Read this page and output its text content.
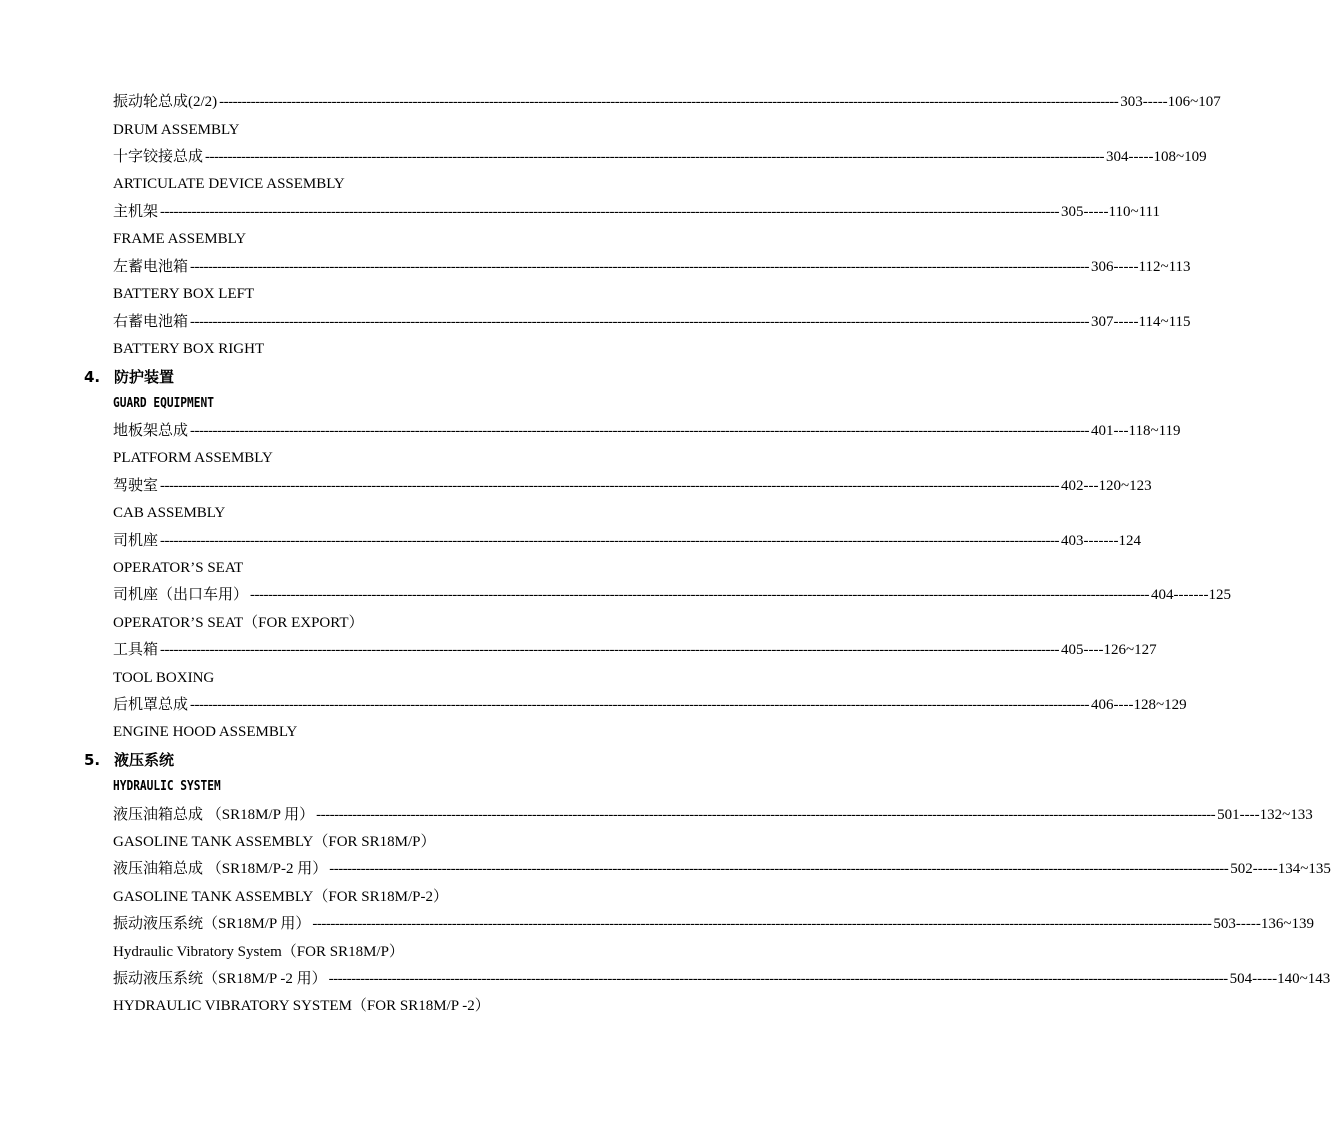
振动轮总成(2/2) -------------------------------------------------------------------------------------------------------------------------------------------------------------------------------------------------------- 303-----106~107
DRUM ASSEMBLY
十字铰接总成 -------------------------------------------------------------------------------------------------------------------------------------------------------------------------------------------------------- 304-----108~109
ARTICULATE DEVICE ASSEMBLY
主机架 -------------------------------------------------------------------------------------------------------------------------------------------------------------------------------------------------------- 305-----110~111
FRAME ASSEMBLY
左蓄电池箱 -------------------------------------------------------------------------------------------------------------------------------------------------------------------------------------------------------- 306-----112~113
BATTERY BOX LEFT
右蓄电池箱 -------------------------------------------------------------------------------------------------------------------------------------------------------------------------------------------------------- 307-----114~115
BATTERY BOX RIGHT
4. 防护装置
GUARD EQUIPMENT
地板架总成 -------------------------------------------------------------------------------------------------------------------------------------------------------------------------------------------------------- 401---118~119
PLATFORM ASSEMBLY
驾驶室 -------------------------------------------------------------------------------------------------------------------------------------------------------------------------------------------------------- 402---120~123
CAB ASSEMBLY
司机座 -------------------------------------------------------------------------------------------------------------------------------------------------------------------------------------------------------- 403-------124
OPERATOR’S SEAT
司机座（出口车用） -------------------------------------------------------------------------------------------------------------------------------------------------------------------------------------------------------- 404-------125
OPERATOR’S SEAT（FOR EXPORT）
工具箱 -------------------------------------------------------------------------------------------------------------------------------------------------------------------------------------------------------- 405----126~127
TOOL BOXING
后机罩总成 -------------------------------------------------------------------------------------------------------------------------------------------------------------------------------------------------------- 406----128~129
ENGINE HOOD ASSEMBLY
5. 液压系统
HYDRAULIC SYSTEM
液压油箱总成 （SR18M/P 用） -------------------------------------------------------------------------------------------------------------------------------------------------------------------------------------------------------- 501----132~133
GASOLINE TANK ASSEMBLY（FOR SR18M/P）
液压油箱总成 （SR18M/P-2 用） -------------------------------------------------------------------------------------------------------------------------------------------------------------------------------------------------------- 502-----134~135
GASOLINE TANK ASSEMBLY（FOR SR18M/P-2）
振动液压系统（SR18M/P 用） -------------------------------------------------------------------------------------------------------------------------------------------------------------------------------------------------------- 503-----136~139
Hydraulic Vibratory System（FOR SR18M/P）
振动液压系统（SR18M/P -2 用） -------------------------------------------------------------------------------------------------------------------------------------------------------------------------------------------------------- 504-----140~143
HYDRAULIC VIBRATORY SYSTEM（FOR SR18M/P -2）
